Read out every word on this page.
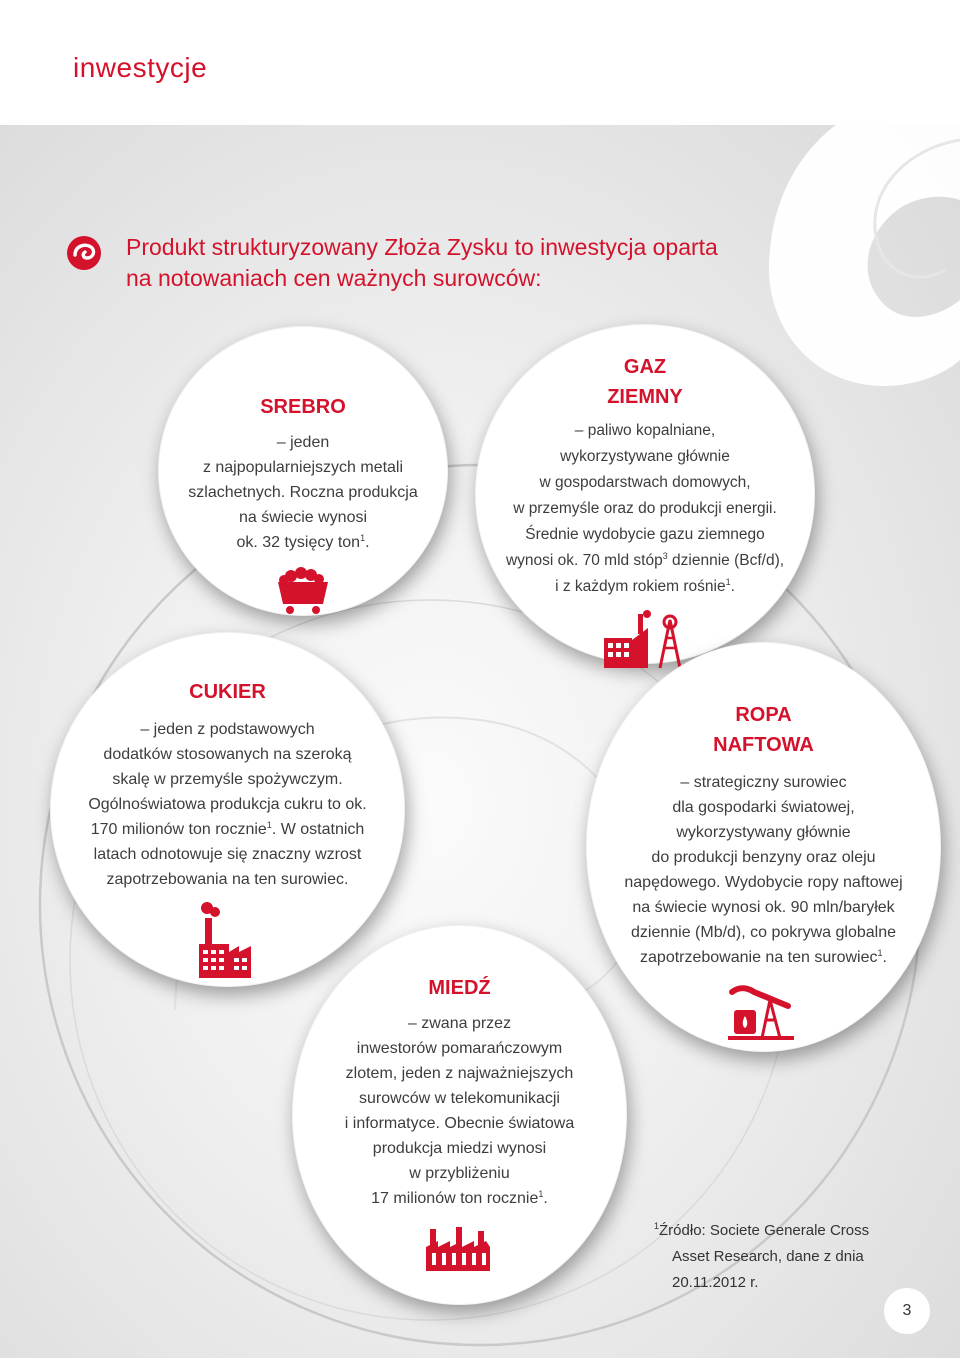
inwestycje
Produkt strukturyzowany Złoża Zysku to inwestycja oparta
na notowaniach cen ważnych surowców:

SREBRO

– jeden
z najpopularniejszych metali
szlachetnych. Roczna produkcja
na świecie wynosi
ok. 32 tysięcy ton$^1$.

GAZ
ZIEMNY

– paliwo kopalniane,
wykorzystywane głównie
w gospodarstwach domowych,
w przemyśle oraz do produkcji energii.
Średnie wydobycie gazu ziemnego
wynosi ok. 70 mld stóp$^3$ dziennie (Bcf/d),
i z każdym rokiem rośnie$^1$.

CUKIER

– jeden z podstawowych
dodatków stosowanych na szeroką
skalę w przemyśle spożywczym.
Ogólnoświatowa produkcja cukru to ok.
170 milionów ton rocznie$^1$. W ostatnich
latach odnotowuje się znaczny wzrost
zapotrzebowania na ten surowiec.

ROPA
NAFTOWA

– strategiczny surowiec
dla gospodarki światowej,
wykorzystywany głównie
do produkcji benzyny oraz oleju
napędowego. Wydobycie ropy naftowej
na świecie wynosi ok. 90 mln/baryłek
dziennie (Mb/d), co pokrywa globalne
zapotrzebowanie na ten surowiec$^1$.

MIEDŹ

– zwana przez
inwestorów pomarańczowym
zlotem, jeden z najważniejszych
surowców w telekomunikacji
i informatyce. Obecnie światowa
produkcja miedzi wynosi
w przybliżeniu
17 milionów ton rocznie$^1$.

$^1$Źródło: Societe Generale Cross
Asset Research, dane z dnia
20.11.2012 r.

3
